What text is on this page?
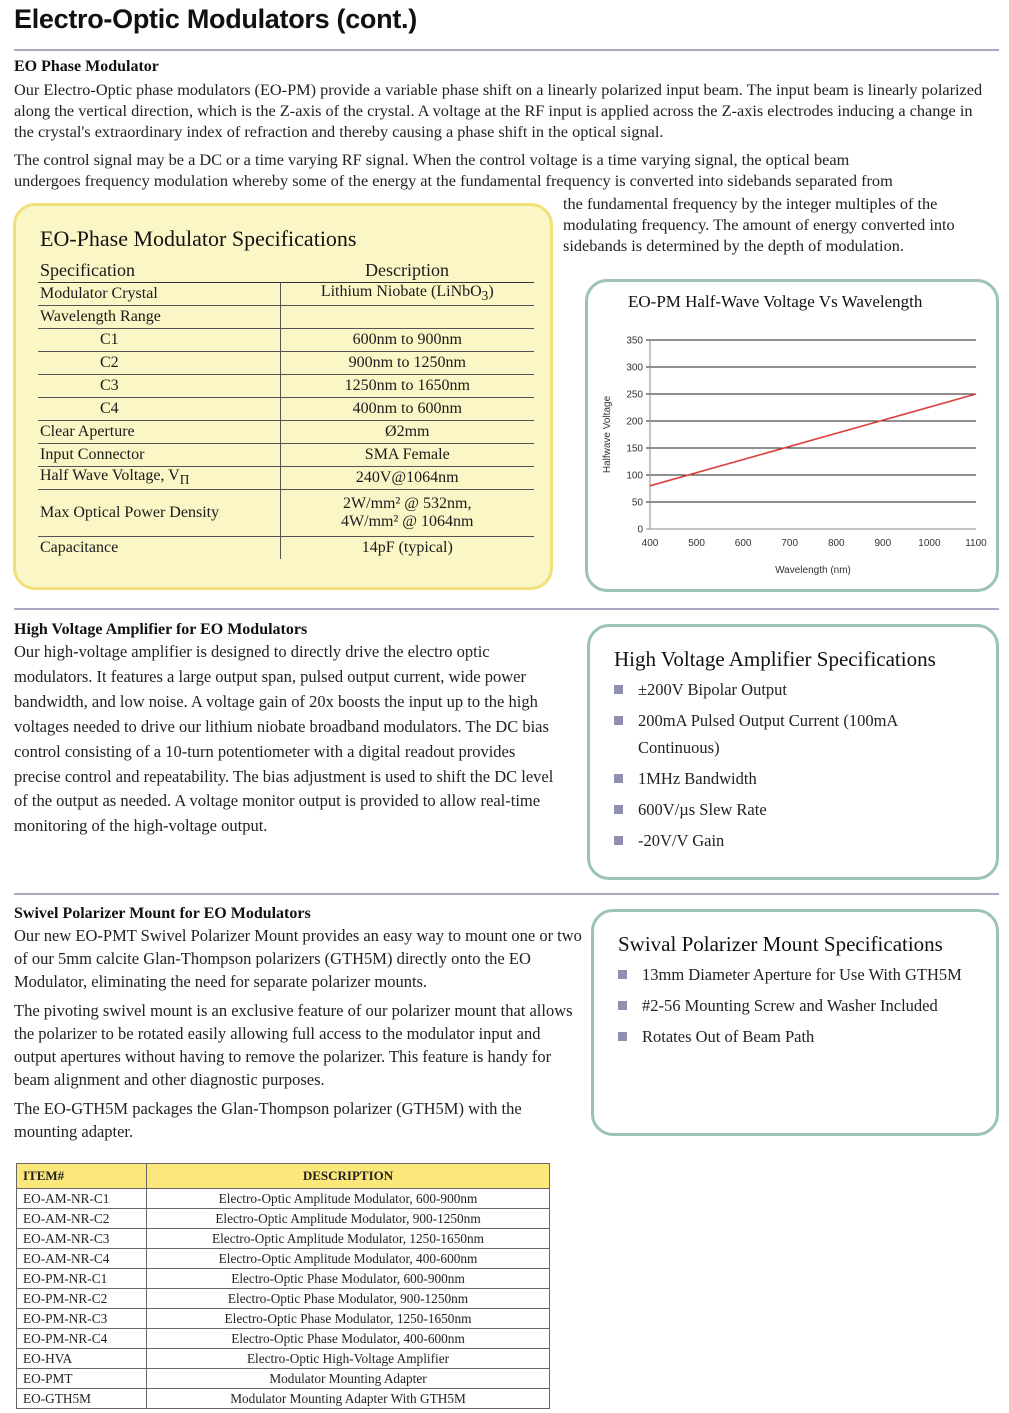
Electro-Optic Modulators (cont.)
EO Phase Modulator

Our Electro-Optic phase modulators (EO-PM) provide a variable phase shift on a linearly polarized input beam. The input beam is linearly polarized along the vertical direction, which is the Z-axis of the crystal. A voltage at the RF input is applied across the Z-axis electrodes inducing a change in the crystal's extraordinary index of refraction and thereby causing a phase shift in the optical signal.

The control signal may be a DC or a time varying RF signal. When the control voltage is a time varying signal, the optical beam

undergoes frequency modulation whereby some of the energy at the fundamental frequency is converted into sidebands separated from

the fundamental frequency by the integer multiples of the modulating frequency. The amount of energy converted into sidebands is determined by the depth of modulation.

EO-Phase Modulator Specifications
Specification	Description
Modulator Crystal	Lithium Niobate (LiNbO$_3$)
Wavelength Range	
C1	600nm to 900nm
C2	900nm to 1250nm
C3	1250nm to 1650nm
C4	400nm to 600nm
Clear Aperture	Ø2mm
Input Connector	SMA Female
Half Wave Voltage, $V_\Pi$	240V@1064nm
Max Optical Power Density	2W/mm² @ 532nm,
4W/mm² @ 1064nm
Capacitance	14pF (typical)
EO-PM Half-Wave Voltage Vs Wavelength
0
50
100
150
200
250
300
350
400	500	600	700	800	900	1000 1100
Wavelength (nm)
Halfwave Voltage
High Voltage Amplifier for EO Modulators

Our high-voltage amplifier is designed to directly drive the electro optic modulators. It features a large output span, pulsed output current, wide power bandwidth, and low noise. A voltage gain of 20x boosts the input up to the high voltages needed to drive our lithium niobate broadband modulators. The DC bias control consisting of a 10-turn potentiometer with a digital readout provides precise control and repeatability. The bias adjustment is used to shift the DC level of the output as needed. A voltage monitor output is provided to allow real-time monitoring of the high-voltage output.

High Voltage Amplifier Specifications
±200V Bipolar Output
200mA Pulsed Output Current (100mA Continuous)
1MHz Bandwidth
600V/µs Slew Rate
-20V/V Gain
Swivel Polarizer Mount for EO Modulators

Our new EO-PMT Swivel Polarizer Mount provides an easy way to mount one or two of our 5mm calcite Glan-Thompson polarizers (GTH5M) directly onto the EO Modulator, eliminating the need for separate polarizer mounts.

The pivoting swivel mount is an exclusive feature of our polarizer mount that allows the polarizer to be rotated easily allowing full access to the modulator input and output apertures without having to remove the polarizer. This feature is handy for beam alignment and other diagnostic purposes.

The EO-GTH5M packages the Glan-Thompson polarizer (GTH5M) with the mounting adapter.

Swival Polarizer Mount Specifications
13mm Diameter Aperture for Use With GTH5M
#2-56 Mounting Screw and Washer Included
Rotates Out of Beam Path
ITEM#	DESCRIPTION
EO-AM-NR-C1	Electro-Optic Amplitude Modulator, 600-900nm
EO-AM-NR-C2	Electro-Optic Amplitude Modulator, 900-1250nm
EO-AM-NR-C3	Electro-Optic Amplitude Modulator, 1250-1650nm
EO-AM-NR-C4	Electro-Optic Amplitude Modulator, 400-600nm
EO-PM-NR-C1	Electro-Optic Phase Modulator, 600-900nm
EO-PM-NR-C2	Electro-Optic Phase Modulator, 900-1250nm
EO-PM-NR-C3	Electro-Optic Phase Modulator, 1250-1650nm
EO-PM-NR-C4	Electro-Optic Phase Modulator, 400-600nm
EO-HVA	Electro-Optic High-Voltage Amplifier
EO-PMT	Modulator Mounting Adapter
EO-GTH5M	Modulator Mounting Adapter With GTH5M
